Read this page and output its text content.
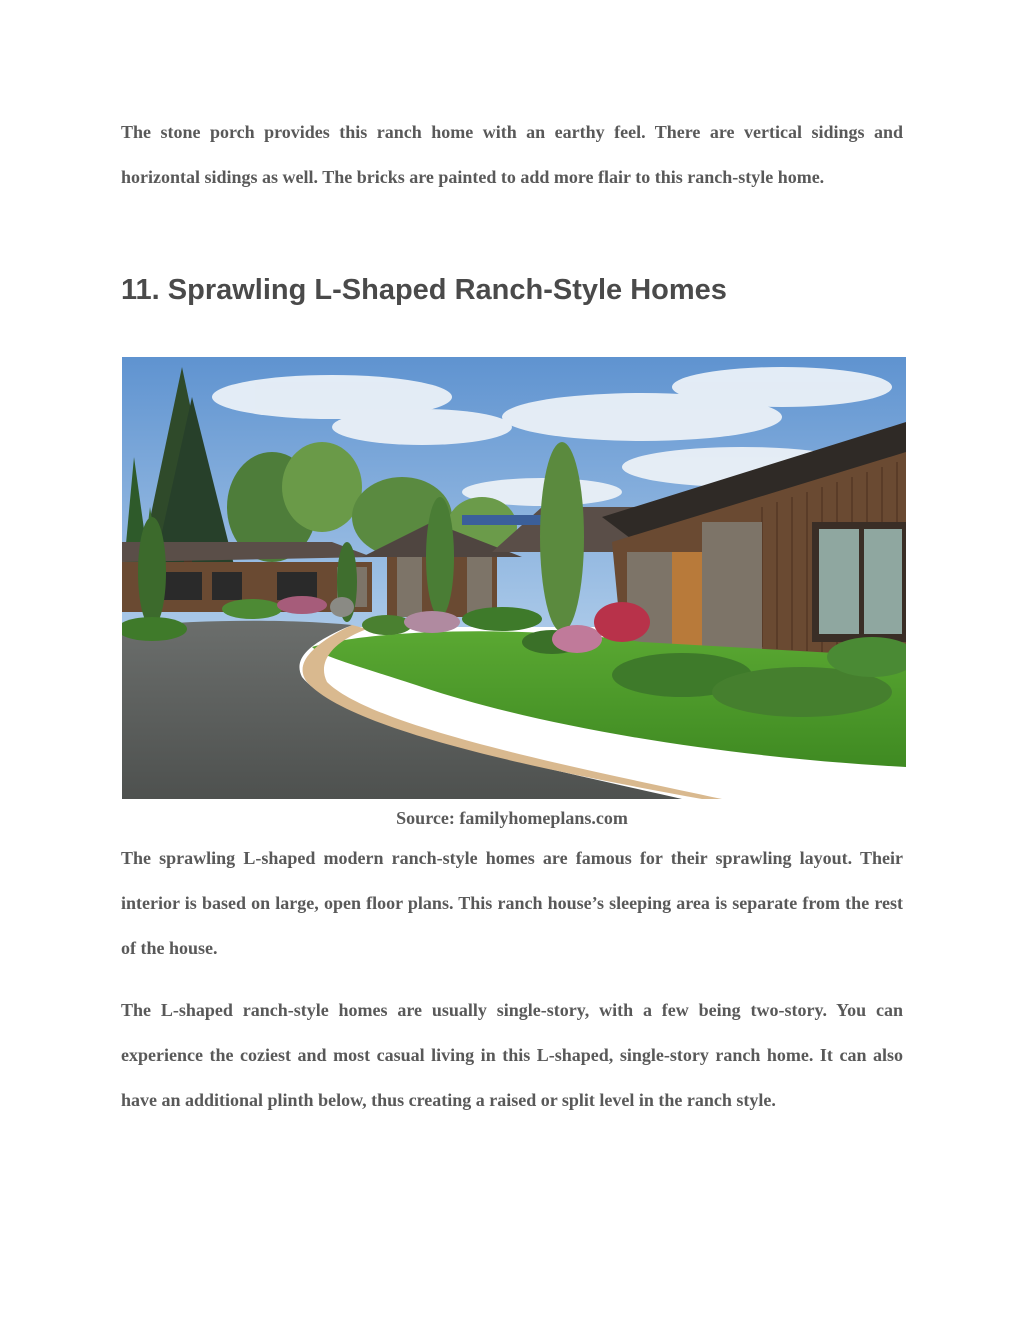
The stone porch provides this ranch home with an earthy feel. There are vertical sidings and horizontal sidings as well. The bricks are painted to add more flair to this ranch-style home.

11. Sprawling L-Shaped Ranch-Style Homes
Source: familyhomeplans.com

The sprawling L-shaped modern ranch-style homes are famous for their sprawling layout. Their interior is based on large, open floor plans. This ranch house’s sleeping area is separate from the rest of the house.

The L-shaped ranch-style homes are usually single-story, with a few being two-story. You can experience the coziest and most casual living in this L-shaped, single-story ranch home. It can also have an additional plinth below, thus creating a raised or split level in the ranch style.
